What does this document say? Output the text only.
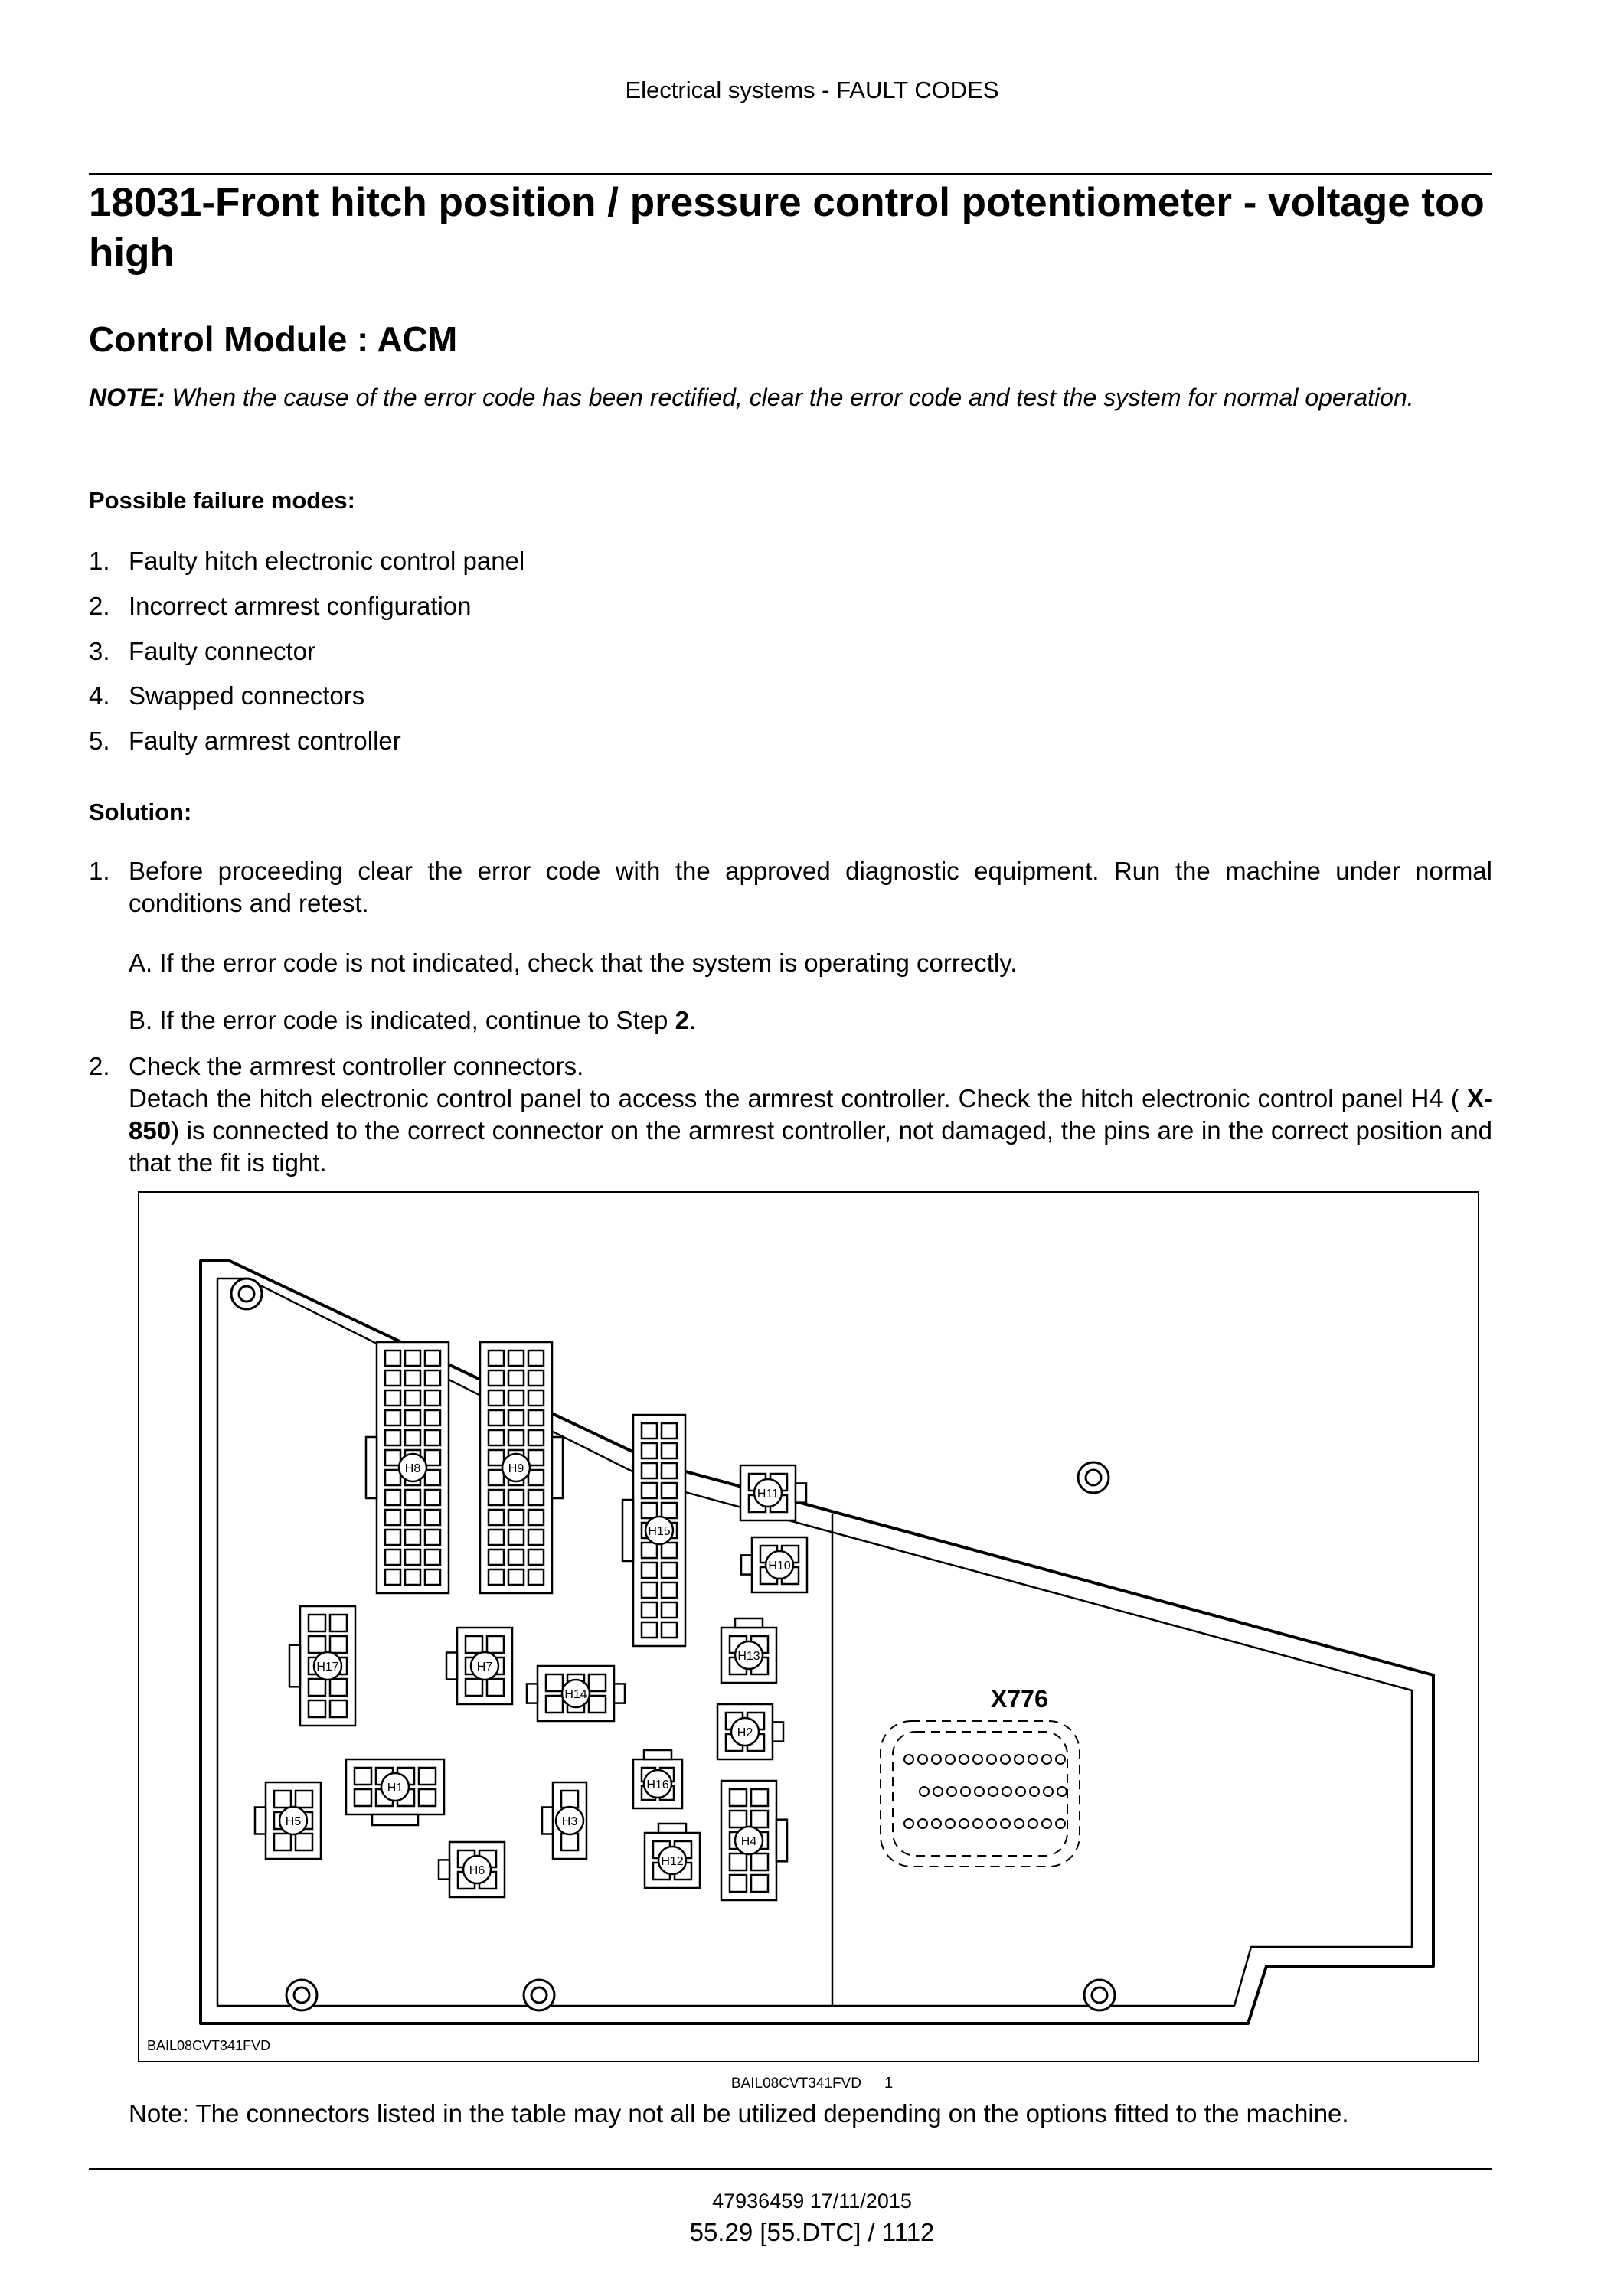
Electrical systems - FAULT CODES
18031-Front hitch position / pressure control potentiometer - voltage too high
Control Module : ACM
NOTE: When the cause of the error code has been rectified, clear the error code and test the system for normal operation.
Possible failure modes:
1. Faulty hitch electronic control panel
2. Incorrect armrest configuration
3. Faulty connector
4. Swapped connectors
5. Faulty armrest controller
Solution:
1. Before proceeding clear the error code with the approved diagnostic equipment. Run the machine under normal conditions and retest.
A. If the error code is not indicated, check that the system is operating correctly.
B. If the error code is indicated, continue to Step 2.
2. Check the armrest controller connectors.
Detach the hitch electronic control panel to access the armrest controller. Check the hitch electronic control panel H4 ( X-850) is connected to the correct connector on the armrest controller, not damaged, the pins are in the correct position and that the fit is tight.
H8	H9
H15
H11
H10
H13
H17	H7
H14
H2
H1
H5	H3
H16
H4
H12
H6
X776
BAIL08CVT341FVD
BAIL08CVT341FVD 1
Note: The connectors listed in the table may not all be utilized depending on the options fitted to the machine.
47936459 17/11/2015
55.29 [55.DTC] / 1112
